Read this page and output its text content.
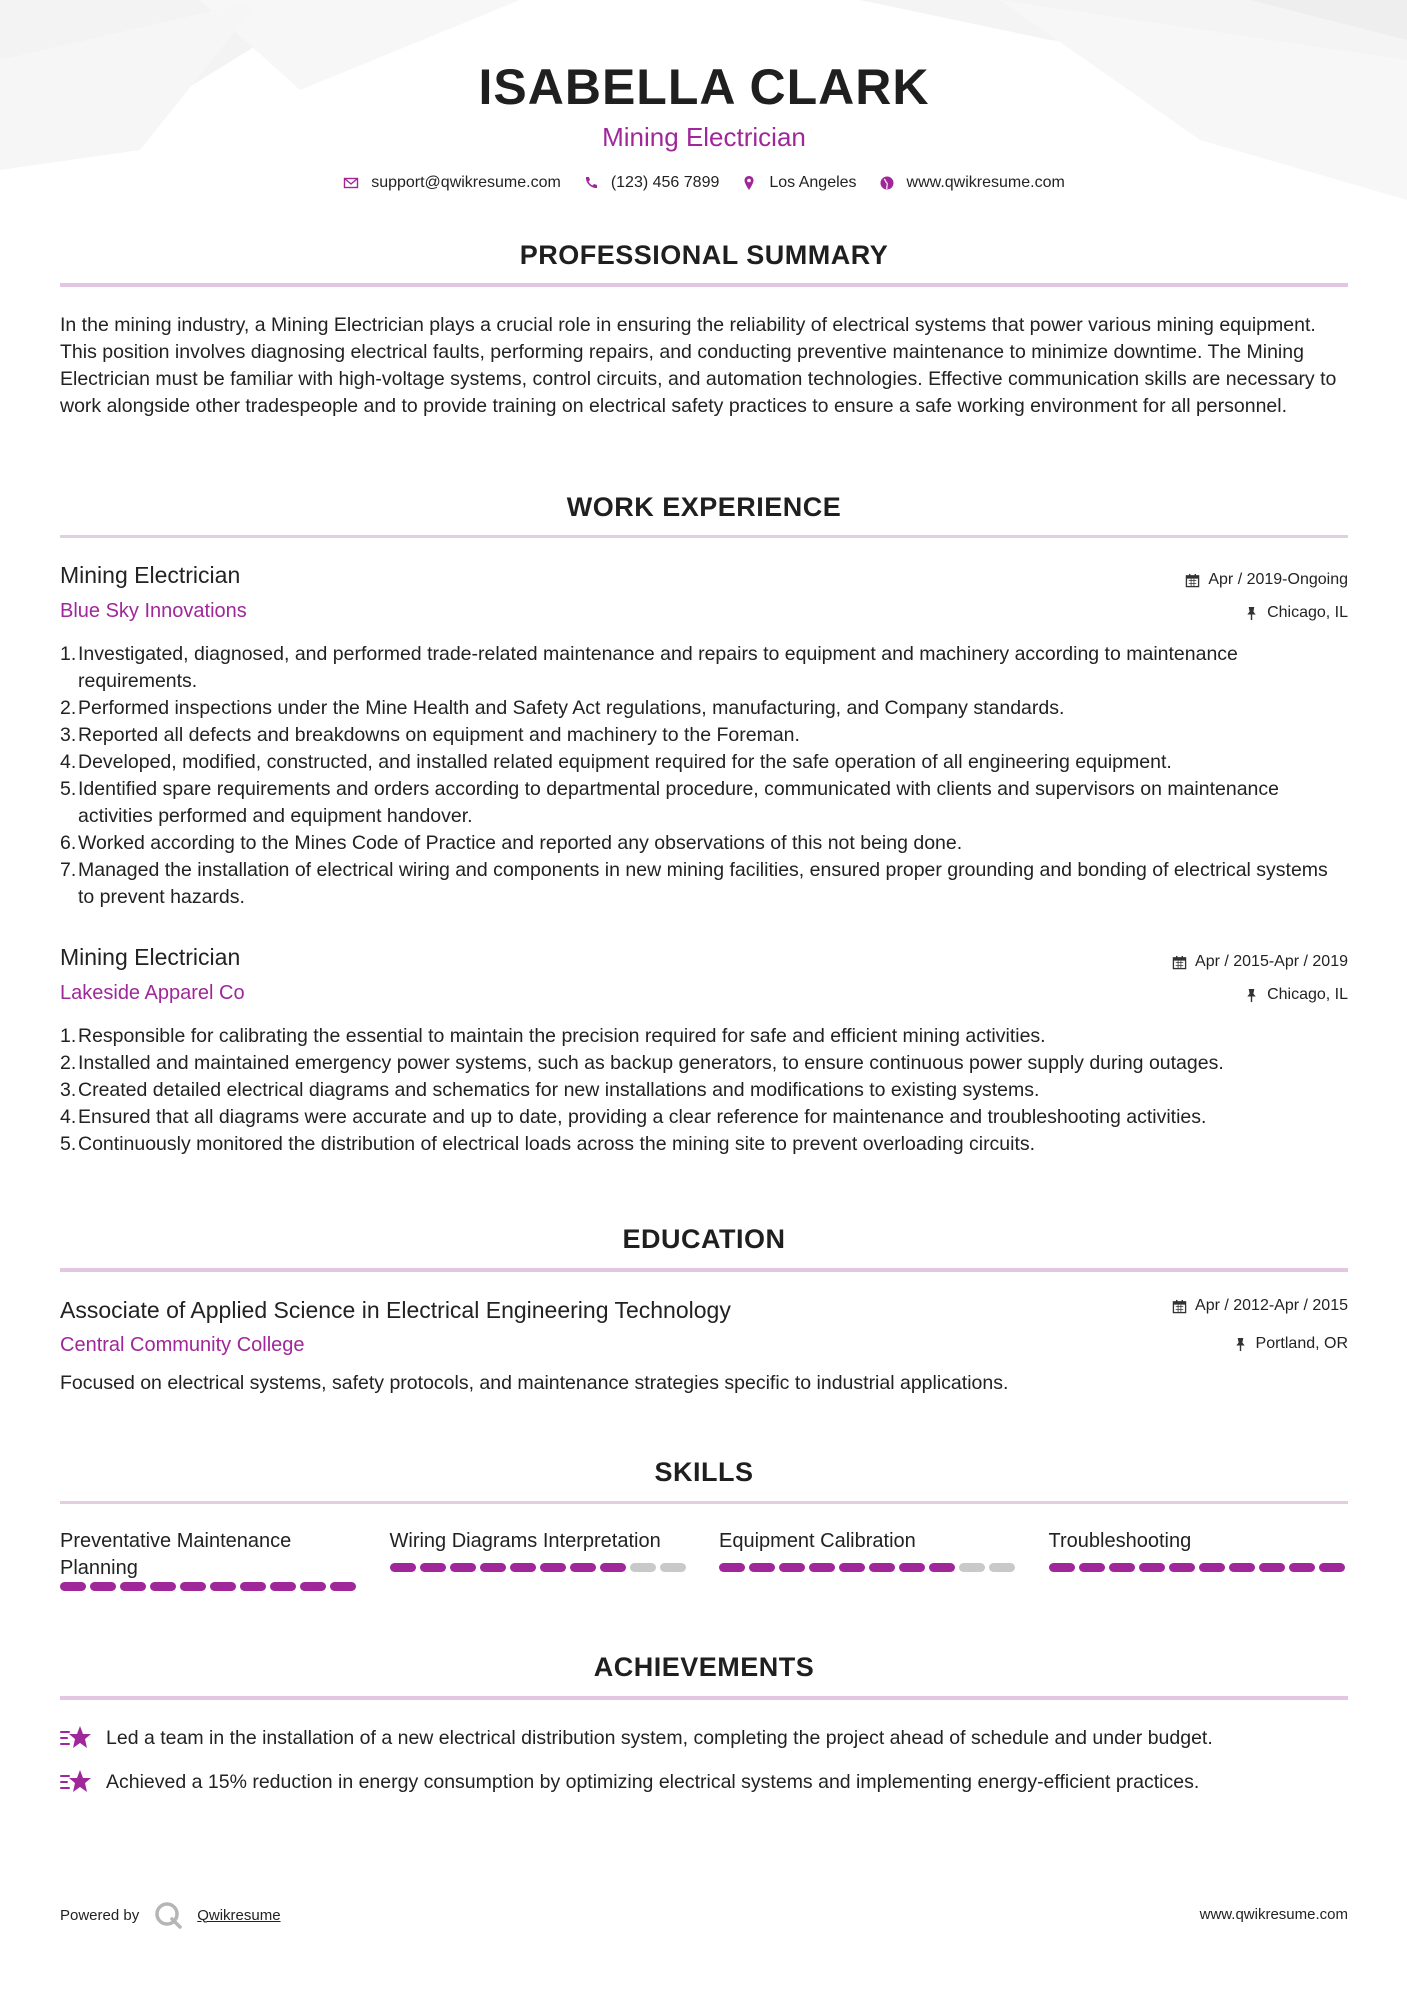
ISABELLA CLARK
Mining Electrician
support@qwikresume.com	(123) 456 7899	Los Angeles	www.qwikresume.com
PROFESSIONAL SUMMARY

In the mining industry, a Mining Electrician plays a crucial role in ensuring the reliability of electrical systems that power various mining equipment. This position involves diagnosing electrical faults, performing repairs, and conducting preventive maintenance to minimize downtime. The Mining Electrician must be familiar with high-voltage systems, control circuits, and automation technologies. Effective communication skills are necessary to work alongside other tradespeople and to provide training on electrical safety practices to ensure a safe working environment for all personnel.

WORK EXPERIENCE
Mining Electrician	Apr / 2019-Ongoing
Blue Sky Innovations	Chicago, IL
Investigated, diagnosed, and performed trade-related maintenance and repairs to equipment and machinery according to maintenance requirements.
Performed inspections under the Mine Health and Safety Act regulations, manufacturing, and Company standards.
Reported all defects and breakdowns on equipment and machinery to the Foreman.
Developed, modified, constructed, and installed related equipment required for the safe operation of all engineering equipment.
Identified spare requirements and orders according to departmental procedure, communicated with clients and supervisors on maintenance activities performed and equipment handover.
Worked according to the Mines Code of Practice and reported any observations of this not being done.
Managed the installation of electrical wiring and components in new mining facilities, ensured proper grounding and bonding of electrical systems to prevent hazards.
Mining Electrician	Apr / 2015-Apr / 2019
Lakeside Apparel Co	Chicago, IL
Responsible for calibrating the essential to maintain the precision required for safe and efficient mining activities.
Installed and maintained emergency power systems, such as backup generators, to ensure continuous power supply during outages.
Created detailed electrical diagrams and schematics for new installations and modifications to existing systems.
Ensured that all diagrams were accurate and up to date, providing a clear reference for maintenance and troubleshooting activities.
Continuously monitored the distribution of electrical loads across the mining site to prevent overloading circuits.
EDUCATION
Associate of Applied Science in Electrical Engineering Technology	Apr / 2012-Apr / 2015
Central Community College	Portland, OR
Focused on electrical systems, safety protocols, and maintenance strategies specific to industrial applications.
SKILLS
Preventative Maintenance Planning
Wiring Diagrams Interpretation	Equipment Calibration	Troubleshooting
ACHIEVEMENTS
Led a team in the installation of a new electrical distribution system, completing the project ahead of schedule and under budget.
Achieved a 15% reduction in energy consumption by optimizing electrical systems and implementing energy-efficient practices.
Powered by	Qwikresume	www.qwikresume.com
